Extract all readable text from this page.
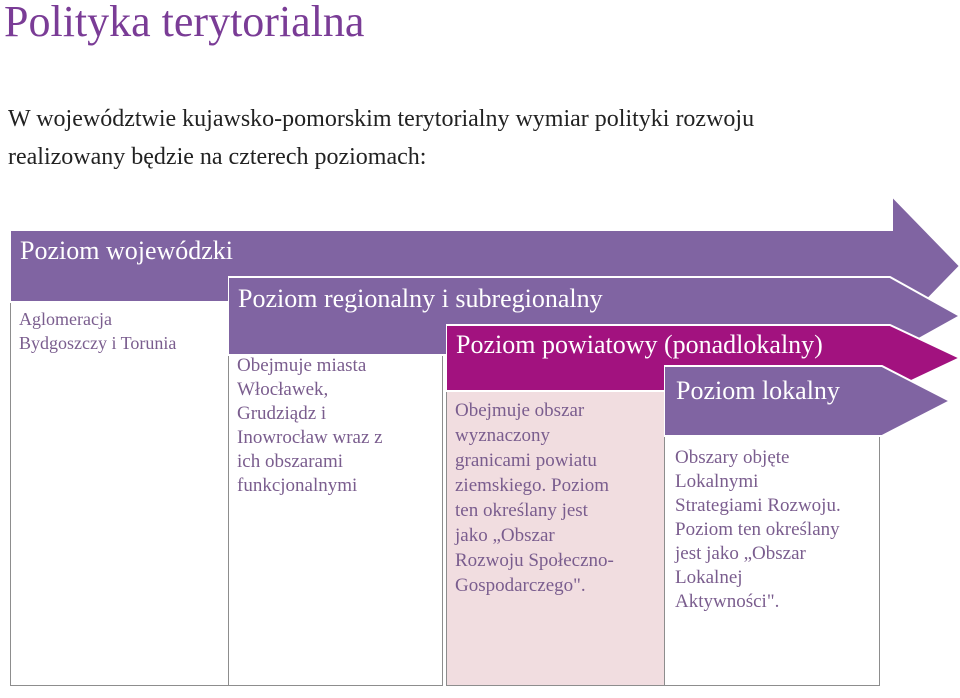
Polityka terytorialna

W województwie kujawsko-pomorskim terytorialny wymiar polityki rozwoju

realizowany będzie na czterech poziomach:

Aglomeracja
Bydgoszczy i Torunia
Poziom wojewódzki
Obejmuje miasta
Włocławek,
Grudziądz i
Inowrocław wraz z
ich obszarami
funkcjonalnymi
Poziom regionalny i subregionalny
Obejmuje obszar
wyznaczony
granicami powiatu
ziemskiego. Poziom
ten określany jest
jako „Obszar
Rozwoju Społeczno-
Gospodarczego".
Poziom powiatowy (ponadlokalny)
Obszary objęte
Lokalnymi
Strategiami Rozwoju.
Poziom ten określany
jest jako „Obszar
Lokalnej
Aktywności".
Poziom lokalny
